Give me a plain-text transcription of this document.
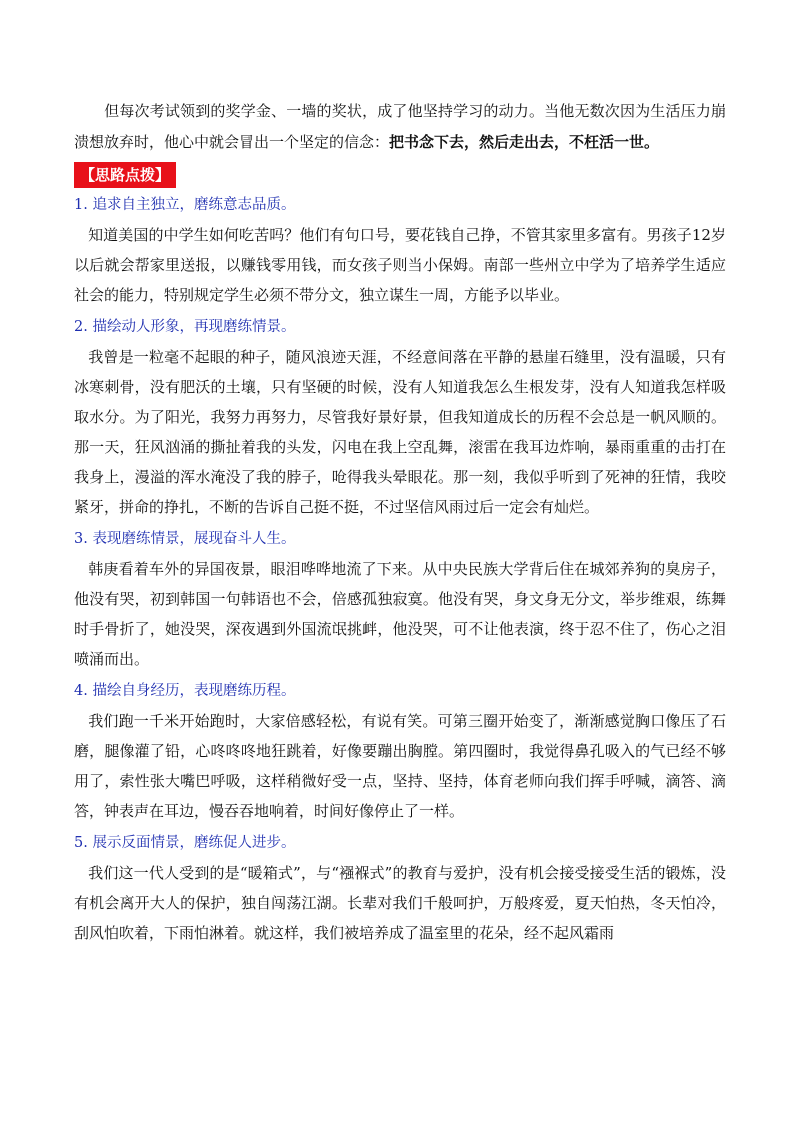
但每次考试领到的奖学金、一墙的奖状，成了他坚持学习的动力。当他无数次因为生活压力崩溃想放弃时，他心中就会冒出一个坚定的信念：把书念下去，然后走出去，不枉活一世。

【思路点拨】
1. 追求自主独立，磨练意志品质。

知道美国的中学生如何吃苦吗？他们有句口号，要花钱自己挣，不管其家里多富有。男孩子12岁以后就会帮家里送报，以赚钱零用钱，而女孩子则当小保姆。南部一些州立中学为了培养学生适应社会的能力，特别规定学生必须不带分文，独立谋生一周，方能予以毕业。

2. 描绘动人形象，再现磨练情景。

我曾是一粒毫不起眼的种子，随风浪迹天涯，不经意间落在平静的悬崖石缝里，没有温暖，只有冰寒刺骨，没有肥沃的土壤，只有坚硬的时候，没有人知道我怎么生根发芽，没有人知道我怎样吸取水分。为了阳光，我努力再努力，尽管我好景好景，但我知道成长的历程不会总是一帆风顺的。那一天，狂风汹涌的撕扯着我的头发，闪电在我上空乱舞，滚雷在我耳边炸响，暴雨重重的击打在我身上，漫溢的浑水淹没了我的脖子，呛得我头晕眼花。那一刻，我似乎听到了死神的狂情，我咬紧牙，拼命的挣扎，不断的告诉自己挺不挺，不过坚信风雨过后一定会有灿烂。

3. 表现磨练情景，展现奋斗人生。

韩庚看着车外的异国夜景，眼泪哗哗地流了下来。从中央民族大学背后住在城郊养狗的臭房子，他没有哭，初到韩国一句韩语也不会，倍感孤独寂寞。他没有哭，身文身无分文，举步维艰，练舞时手骨折了，她没哭，深夜遇到外国流氓挑衅，他没哭，可不让他表演，终于忍不住了，伤心之泪喷涌而出。

4. 描绘自身经历，表现磨练历程。

我们跑一千米开始跑时，大家倍感轻松，有说有笑。可第三圈开始变了，渐渐感觉胸口像压了石磨，腿像灌了铅，心咚咚咚地狂跳着，好像要蹦出胸膛。第四圈时，我觉得鼻孔吸入的气已经不够用了，索性张大嘴巴呼吸，这样稍微好受一点，坚持、坚持，体育老师向我们挥手呼喊，滴答、滴答，钟表声在耳边，慢吞吞地响着，时间好像停止了一样。

5. 展示反面情景，磨练促人进步。

我们这一代人受到的是“暖箱式”，与“襁褓式”的教育与爱护，没有机会接受接受生活的锻炼，没有机会离开大人的保护，独自闯荡江湖。长辈对我们千般呵护，万般疼爱，夏天怕热，冬天怕冷，刮风怕吹着，下雨怕淋着。就这样，我们被培养成了温室里的花朵，经不起风霜雨
